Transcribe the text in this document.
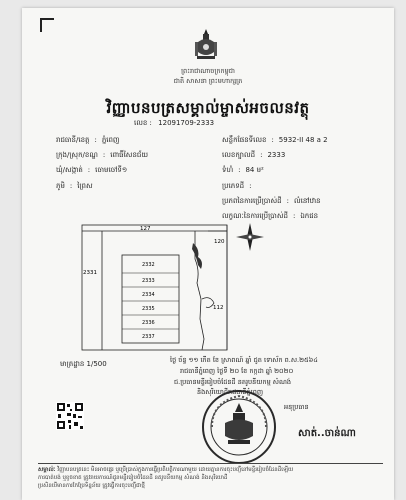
ព្រះរាជាណាចក្រកម្ពុជា
ជាតិ សាសនា ព្រះមហាក្សត្រ
វិញ្ញាបនបត្រសម្គាល់ម្ចាស់អចលនវត្ថុ
លេខ : 12091709-2333
រាជធានី/ខេត្ត : ភ្នំពេញ
ក្រុង/ស្រុក/ខណ្ឌ : ពោធិ៍សែនជ័យ
ឃុំ/សង្កាត់ : ចោមចៅទី១
ភូមិ : ព្រៃស
សន្លឹកផែនទីលេខ : 5932-II 48 a 2
លេខក្បាលដី : 2333
ទំហំ : 84 ម²
ប្រភេទដី :
ប្រភពនៃការប្រើប្រាស់ដី : លំនៅឋាន
លក្ខណៈនៃការប្រើប្រាស់ដី : ឯកជន
127
2331
120
112
2332
2333
2334
2335
2336
2337
មាត្រដ្ឋាន 1/500	ថ្ងៃ ច័ន្ទ ១១ កើត ខែ ស្រាពណ៍ ឆ្នាំ ជូត ទោស័ក ព.ស.២៥៦៤
រាជធានីភ្នំពេញ ថ្ងៃទី ២០ ខែ កក្កដា ឆ្នាំ ២០២០
ជ.ប្រធានមន្ទីររៀបចំដែនដី នគរូបនីយកម្ម សំណង់
និងសុរិយោដីរាជធានីភ្នំពេញ
អនុប្រធាន
សាត់..ចាន់ណា
សម្គាល់ៈ វិញ្ញាបនបត្រនេះ មិនអាចផ្ទេរ ឬប្រើប្រាស់ក្នុងការធ្វើប្រតិបត្តិការណាមួយ ដោយគ្មានការចុះបញ្ជីនៅមន្ទីររៀបចំដែនដីឡើយ
ការបាត់បង់ ឬខូចខាត ត្រូវរាយការណ៍ជូនមន្ទីររៀបចំដែនដី នគរូបនីយកម្ម សំណង់ និងសុរិយោដី
ប្រសិនបើមានការកែប្រែទិន្នន័យ ត្រូវធ្វើការចុះបញ្ជីជាថ្មី
